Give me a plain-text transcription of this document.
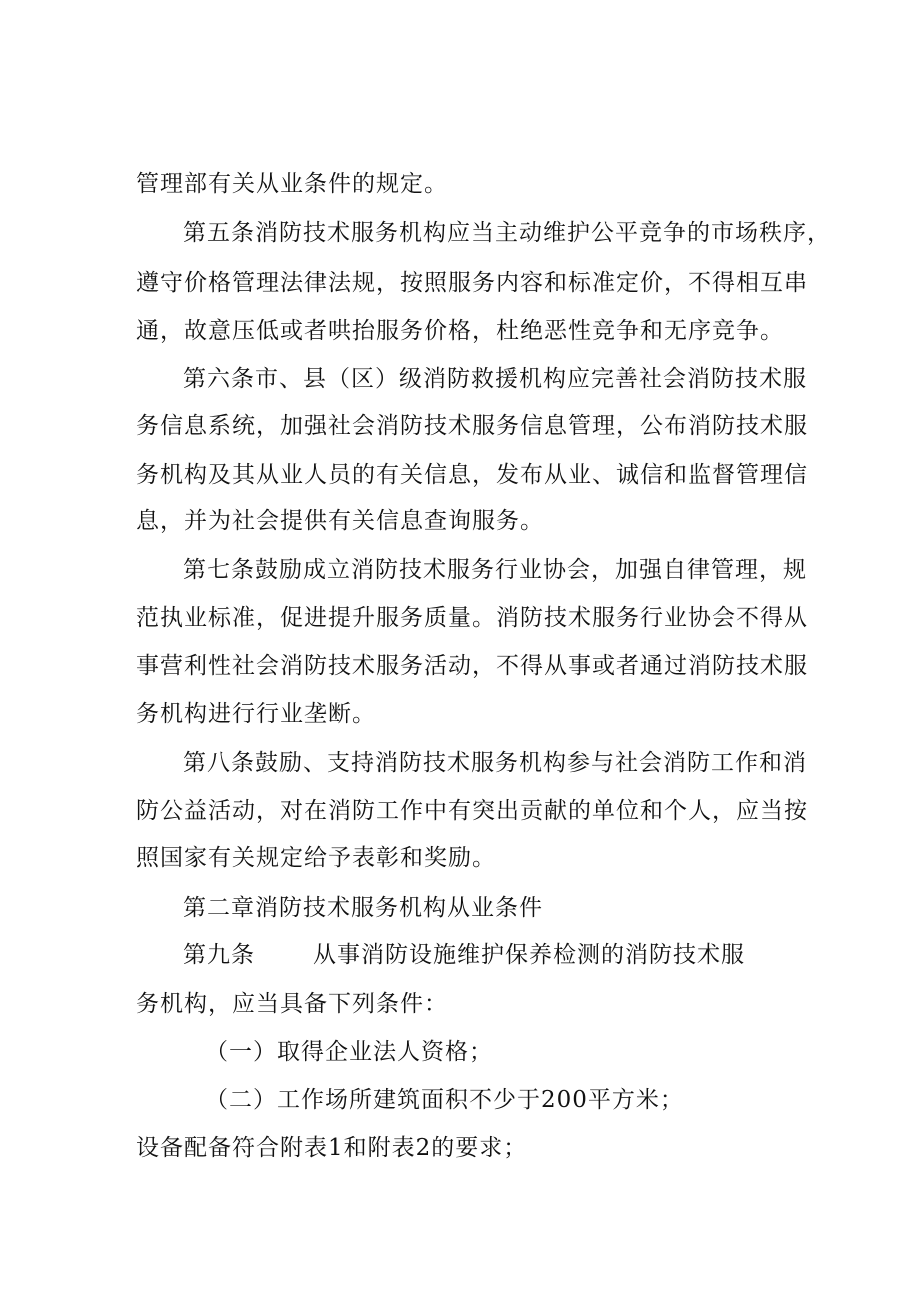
管理部有关从业条件的规定。
第五条消防技术服务机构应当主动维护公平竞争的市场秩序，
遵守价格管理法律法规，按照服务内容和标准定价，不得相互串
通，故意压低或者哄抬服务价格，杜绝恶性竞争和无序竞争。
第六条市、县（区）级消防救援机构应完善社会消防技术服
务信息系统，加强社会消防技术服务信息管理，公布消防技术服
务机构及其从业人员的有关信息，发布从业、诚信和监督管理信
息，并为社会提供有关信息查询服务。
第七条鼓励成立消防技术服务行业协会，加强自律管理，规
范执业标准，促进提升服务质量。消防技术服务行业协会不得从
事营利性社会消防技术服务活动，不得从事或者通过消防技术服
务机构进行行业垄断。
第八条鼓励、支持消防技术服务机构参与社会消防工作和消
防公益活动，对在消防工作中有突出贡献的单位和个人，应当按
照国家有关规定给予表彰和奖励。
第二章消防技术服务机构从业条件
第九条	从事消防设施维护保养检测的消防技术服
务机构，应当具备下列条件：
（一）取得企业法人资格；
（二）工作场所建筑面积不少于200平方米；
设备配备符合附表1和附表2的要求；
